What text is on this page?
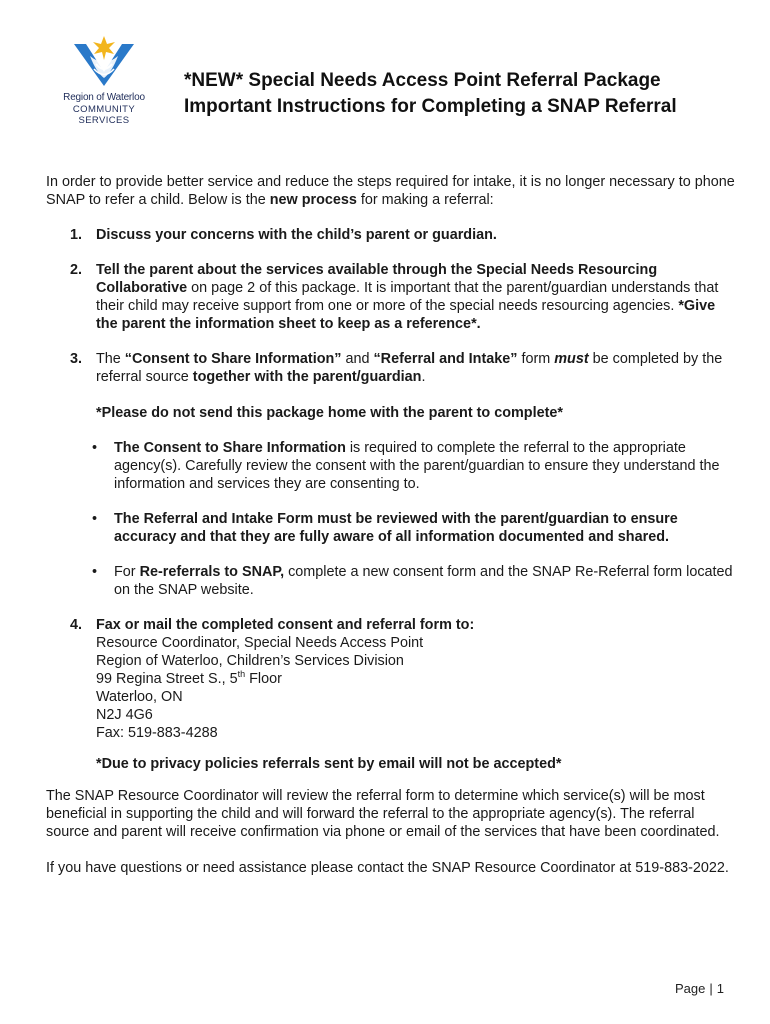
Region of Waterloo
COMMUNITY SERVICES
*NEW* Special Needs Access Point Referral Package
Important Instructions for Completing a SNAP Referral

In order to provide better service and reduce the steps required for intake, it is no longer necessary to phone SNAP to refer a child. Below is the new process for making a referral:

1. Discuss your concerns with the child’s parent or guardian.
2. Tell the parent about the services available through the Special Needs Resourcing Collaborative on page 2 of this package. It is important that the parent/guardian understands that their child may receive support from one or more of the special needs resourcing agencies. *Give the parent the information sheet to keep as a reference*.
3. The “Consent to Share Information” and “Referral and Intake” form must be completed by the referral source together with the parent/guardian.

*Please do not send this package home with the parent to complete*

• The Consent to Share Information is required to complete the referral to the appropriate agency(s). Carefully review the consent with the parent/guardian to ensure they understand the information and services they are consenting to.
• The Referral and Intake Form must be reviewed with the parent/guardian to ensure accuracy and that they are fully aware of all information documented and shared.
• For Re-referrals to SNAP, complete a new consent form and the SNAP Re-Referral form located on the SNAP website.
4. Fax or mail the completed consent and referral form to:
Resource Coordinator, Special Needs Access Point
Region of Waterloo, Children’s Services Division
99 Regina Street S., 5th Floor
Waterloo, ON
N2J 4G6
Fax: 519-883-4288

*Due to privacy policies referrals sent by email will not be accepted*

The SNAP Resource Coordinator will review the referral form to determine which service(s) will be most beneficial in supporting the child and will forward the referral to the appropriate agency(s). The referral source and parent will receive confirmation via phone or email of the services that have been coordinated.

If you have questions or need assistance please contact the SNAP Resource Coordinator at 519-883-2022.

Page | 1
